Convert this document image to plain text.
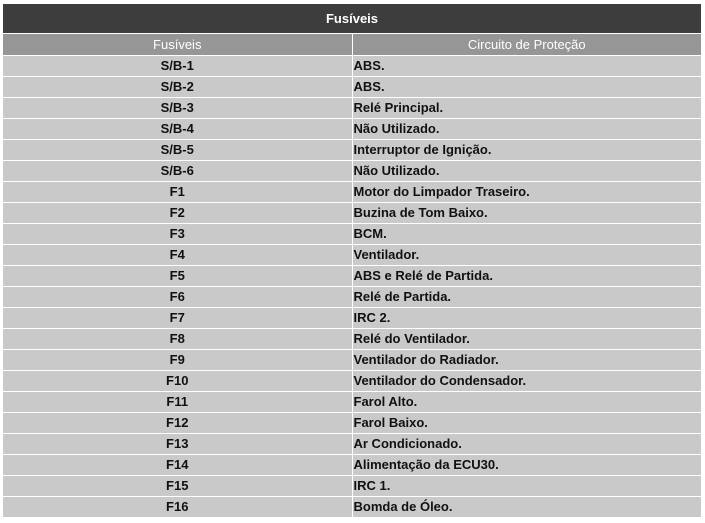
Fusíveis	
Fusíveis	Circuito de Proteção
S/B-1	ABS.
S/B-2	ABS.
S/B-3	Relé Principal.
S/B-4	Não Utilizado.
S/B-5	Interruptor de Ignição.
S/B-6	Não Utilizado.
F1	Motor do Limpador Traseiro.
F2	Buzina de Tom Baixo.
F3	BCM.
F4	Ventilador.
F5	ABS e Relé de Partida.
F6	Relé de Partida.
F7	IRC 2.
F8	Relé do Ventilador.
F9	Ventilador do Radiador.
F10	Ventilador do Condensador.
F11	Farol Alto.
F12	Farol Baixo.
F13	Ar Condicionado.
F14	Alimentação da ECU30.
F15	IRC 1.
F16	Bomda de Óleo.
